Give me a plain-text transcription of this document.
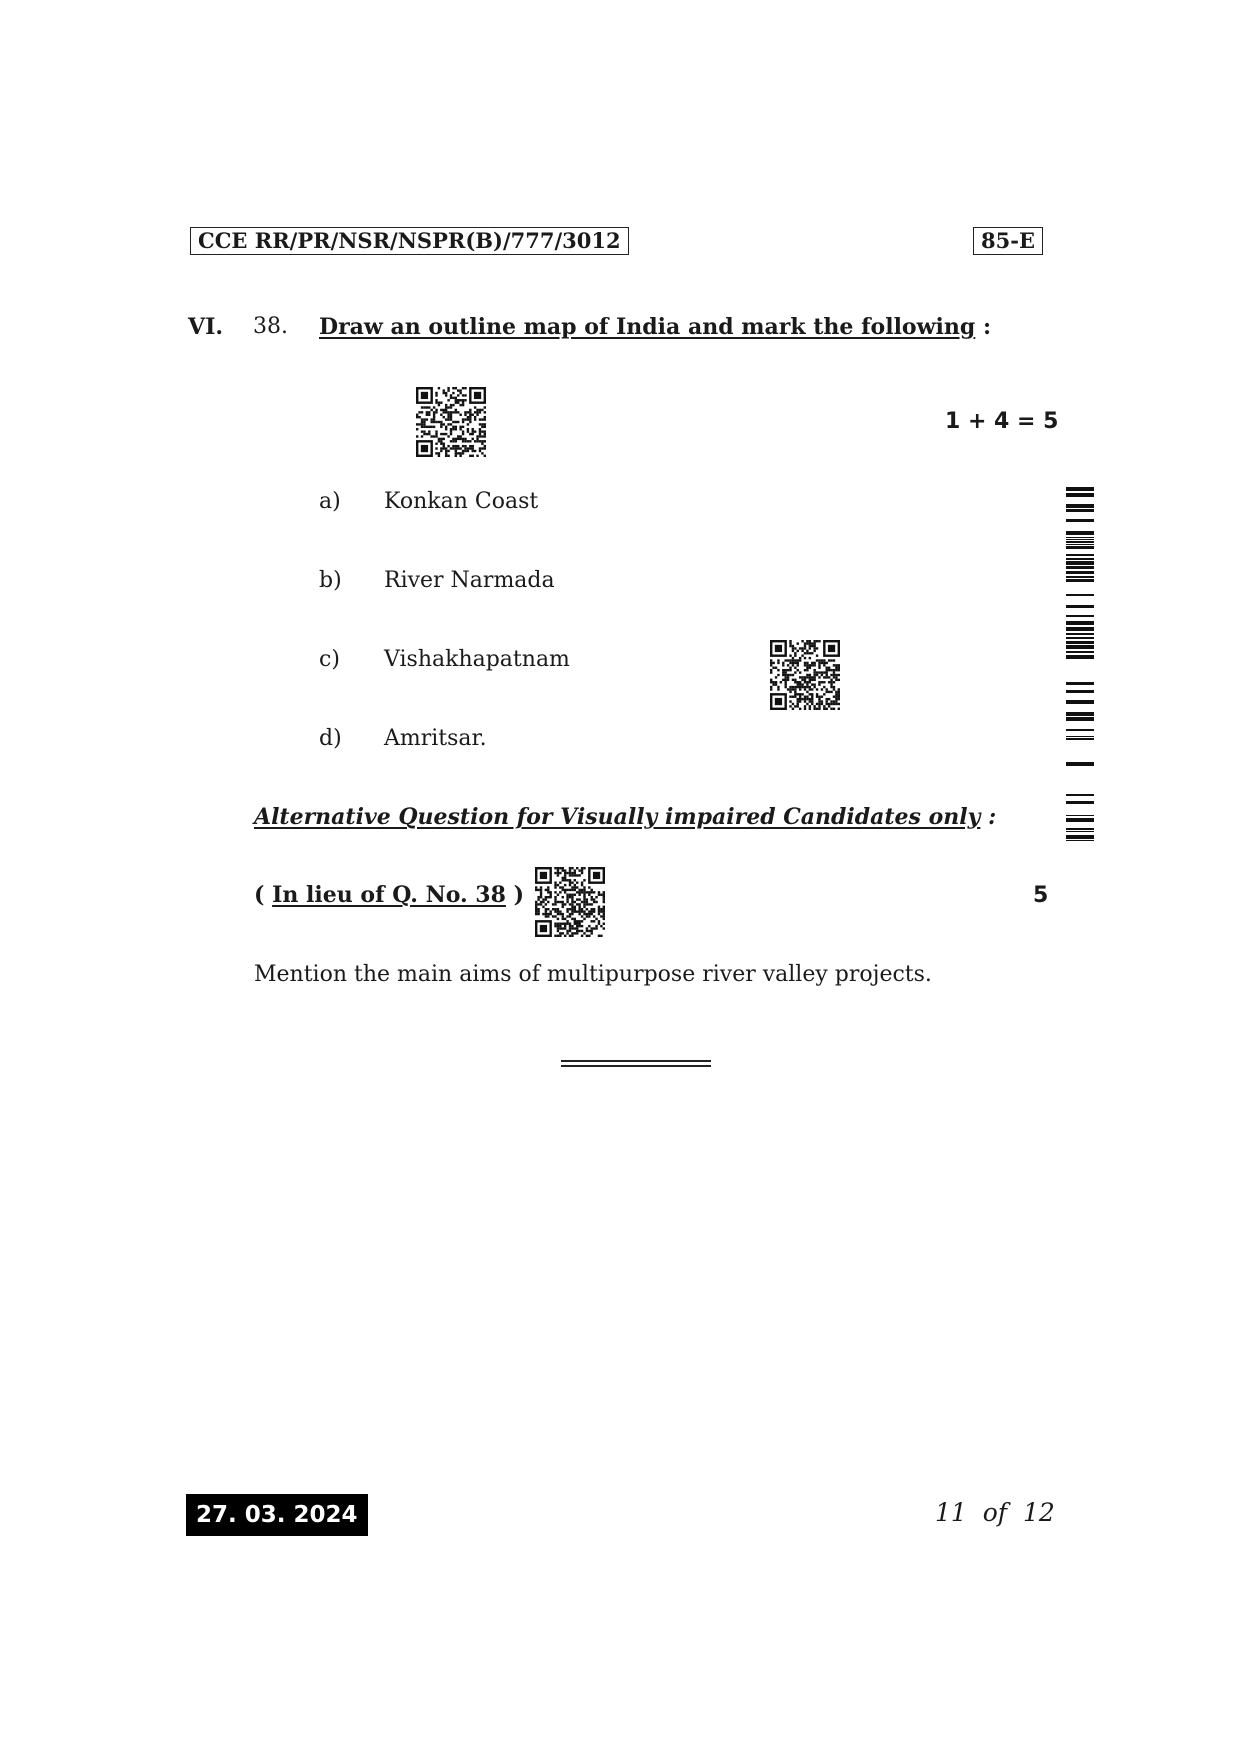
CCE RR/PR/NSR/NSPR(B)/777/3012	85-E
VI. 38. Draw an outline map of India and mark the following :
1 + 4 = 5
a) Konkan Coast
b) River Narmada
c) Vishakhapatnam
d) Amritsar.
Alternative Question for Visually impaired Candidates only :
( In lieu of Q. No. 38 )	5
Mention the main aims of multipurpose river valley projects.
27. 03. 2024	11 of 12
